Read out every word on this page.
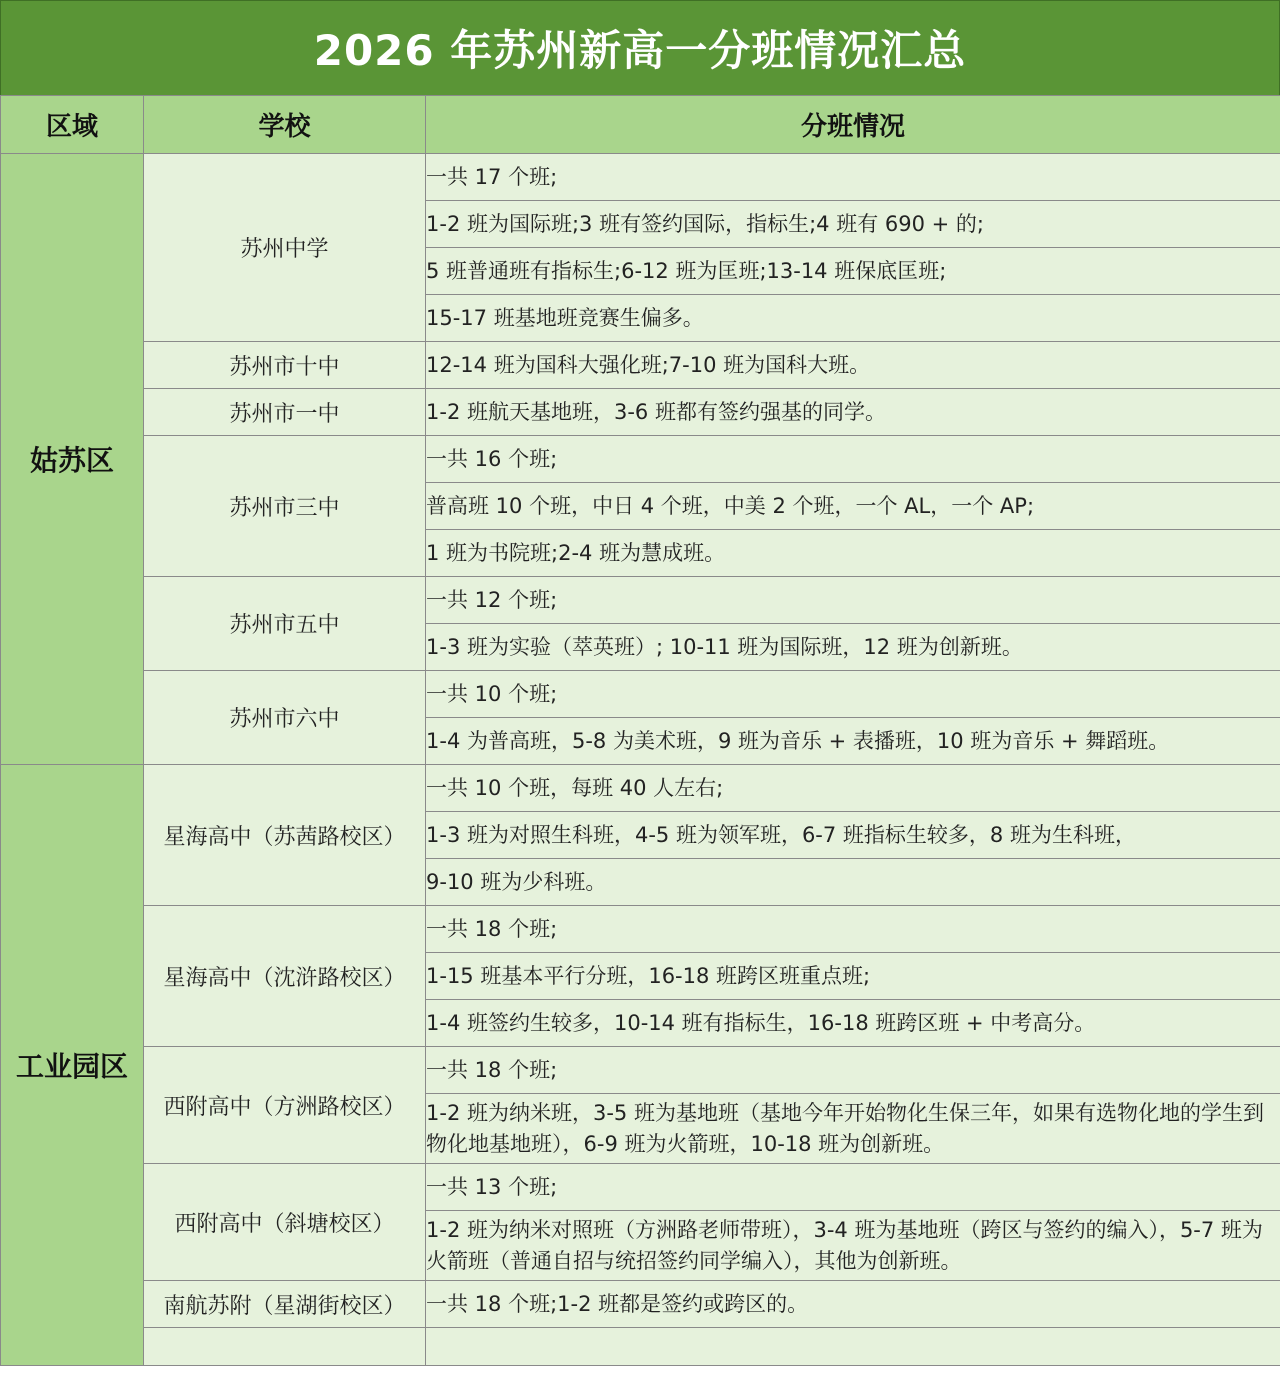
2026 年苏州新高一分班情况汇总
区域	学校	分班情况
姑苏区	苏州中学	一共 17 个班;
		1-2 班为国际班;3 班有签约国际，指标生;4 班有 690 + 的;
		5 班普通班有指标生;6-12 班为匡班;13-14 班保底匡班;
		15-17 班基地班竞赛生偏多。
	苏州市十中	12-14 班为国科大强化班;7-10 班为国科大班。
	苏州市一中	1-2 班航天基地班，3-6 班都有签约强基的同学。
	苏州市三中	一共 16 个班;
		普高班 10 个班，中日 4 个班，中美 2 个班，一个 AL，一个 AP;
		1 班为书院班;2-4 班为慧成班。
	苏州市五中	一共 12 个班;
		1-3 班为实验（萃英班）; 10-11 班为国际班，12 班为创新班。
	苏州市六中	一共 10 个班;
		1-4 为普高班，5-8 为美术班，9 班为音乐 + 表播班，10 班为音乐 + 舞蹈班。
工业园区	星海高中（苏茜路校区）	一共 10 个班，每班 40 人左右;
		1-3 班为对照生科班，4-5 班为领军班，6-7 班指标生较多，8 班为生科班，
		9-10 班为少科班。
	星海高中（沈浒路校区）	一共 18 个班;
		1-15 班基本平行分班，16-18 班跨区班重点班;
		1-4 班签约生较多，10-14 班有指标生，16-18 班跨区班 + 中考高分。
	西附高中（方洲路校区）	一共 18 个班;
		1-2 班为纳米班，3-5 班为基地班（基地今年开始物化生保三年，如果有选物化地的学生到物化地基地班），6-9 班为火箭班，10-18 班为创新班。
	西附高中（斜塘校区）	一共 13 个班;
		1-2 班为纳米对照班（方洲路老师带班），3-4 班为基地班（跨区与签约的编入），5-7 班为火箭班（普通自招与统招签约同学编入），其他为创新班。
	南航苏附（星湖街校区）	一共 18 个班;1-2 班都是签约或跨区的。
